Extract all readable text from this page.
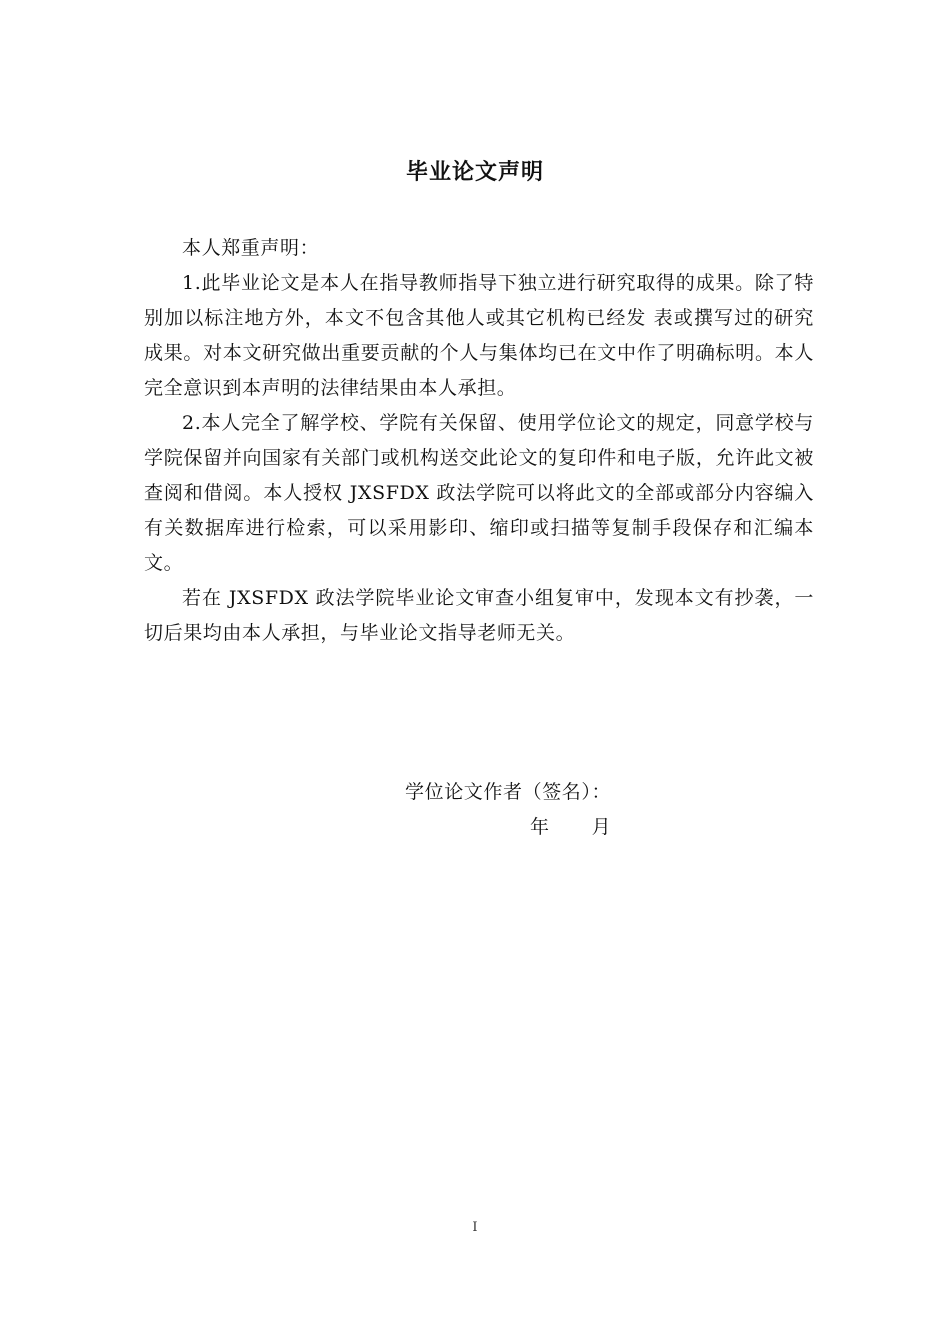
毕业论文声明

本人郑重声明：

1.此毕业论文是本人在指导教师指导下独立进行研究取得的成果。除了特别加以标注地方外，本文不包含其他人或其它机构已经发 表或撰写过的研究成果。对本文研究做出重要贡献的个人与集体均已在文中作了明确标明。本人完全意识到本声明的法律结果由本人承担。

2.本人完全了解学校、学院有关保留、使用学位论文的规定，同意学校与学院保留并向国家有关部门或机构送交此论文的复印件和电子版，允许此文被查阅和借阅。本人授权 JXSFDX 政法学院可以将此文的全部或部分内容编入有关数据库进行检索，可以采用影印、缩印或扫描等复制手段保存和汇编本文。

若在 JXSFDX 政法学院毕业论文审查小组复审中，发现本文有抄袭，一切后果均由本人承担，与毕业论文指导老师无关。

学位论文作者（签名）：
年 月
I
